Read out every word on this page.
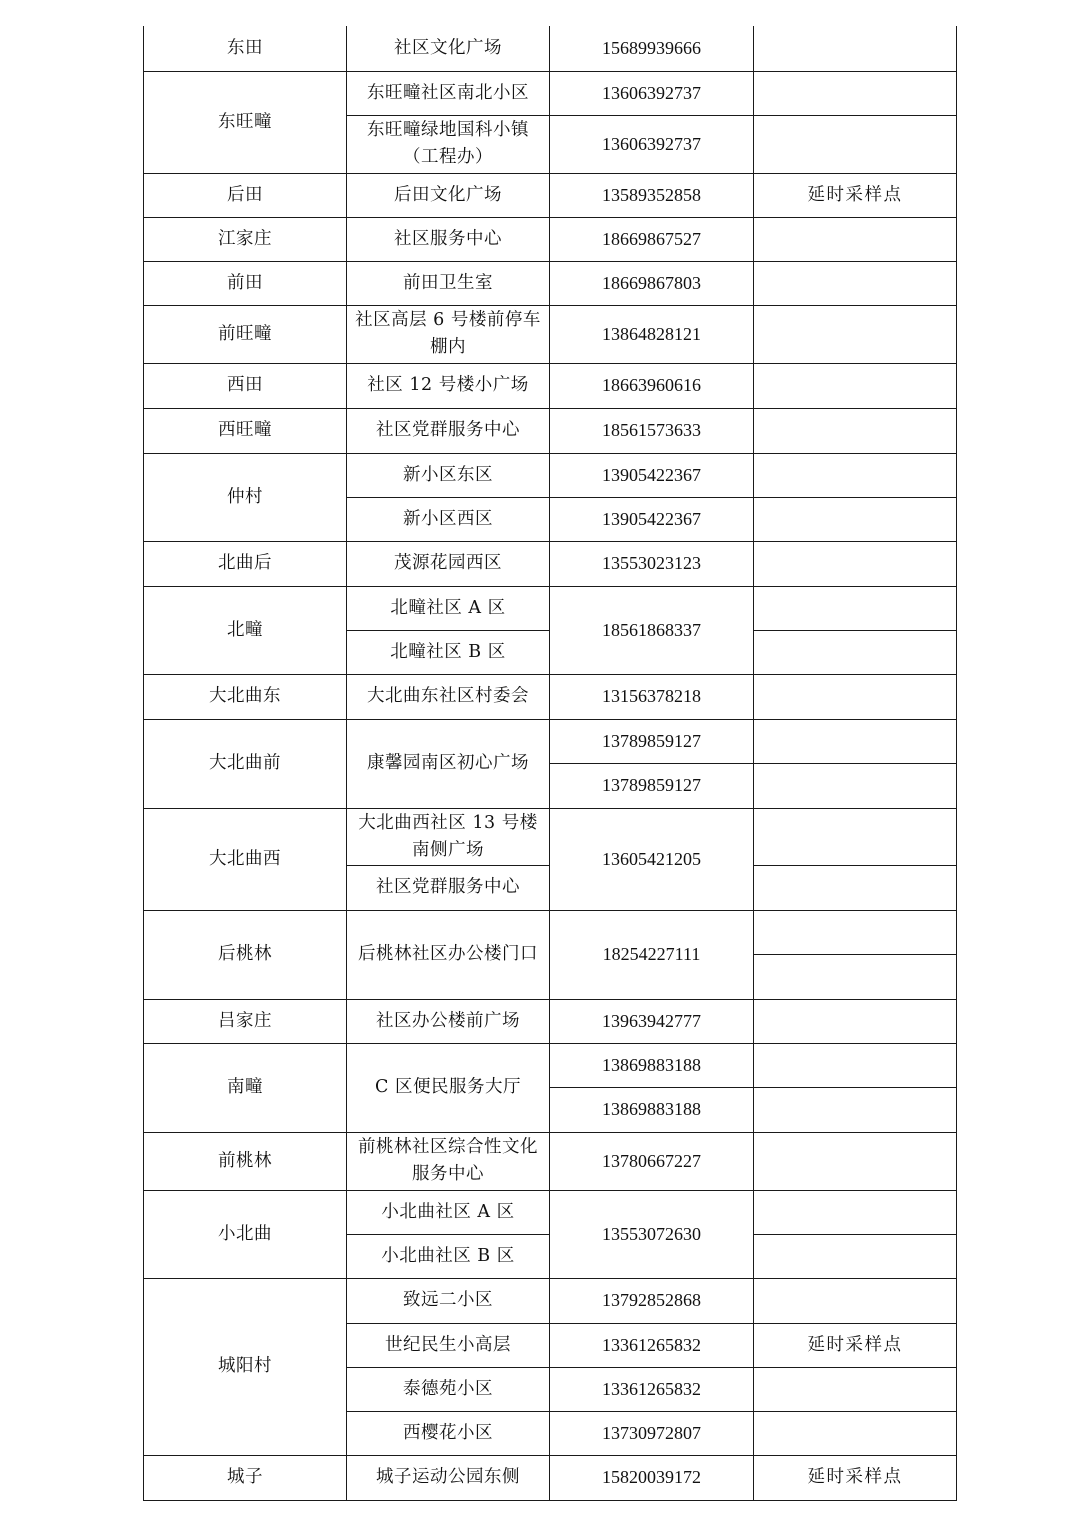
东田	社区文化广场	15689939666	
东旺疃	东旺疃社区南北小区	13606392737	
	东旺疃绿地国科小镇（工程办）	13606392737	
后田	后田文化广场	13589352858	延时采样点
江家庄	社区服务中心	18669867527	
前田	前田卫生室	18669867803	
前旺疃	社区高层 6 号楼前停车棚内	13864828121	
西田	社区 12 号楼小广场	18663960616	
西旺疃	社区党群服务中心	18561573633	
仲村	新小区东区	13905422367	
	新小区西区	13905422367	
北曲后	茂源花园西区	13553023123	
北疃	北疃社区 A 区	18561868337	
	北疃社区 B 区		
大北曲东	大北曲东社区村委会	13156378218	
大北曲前	康馨园南区初心广场	13789859127	
		13789859127	
大北曲西	大北曲西社区 13 号楼南侧广场	13605421205	
	社区党群服务中心		
后桃林	后桃林社区办公楼门口	18254227111	

吕家庄	社区办公楼前广场	13963942777	
南疃	C 区便民服务大厅	13869883188	
		13869883188	
前桃林	前桃林社区综合性文化服务中心	13780667227	
小北曲	小北曲社区 A 区	13553072630	
	小北曲社区 B 区		
城阳村	致远二小区	13792852868	
	世纪民生小高层	13361265832	延时采样点
	泰德苑小区	13361265832	
	西樱花小区	13730972807	
城子	城子运动公园东侧	15820039172	延时采样点
